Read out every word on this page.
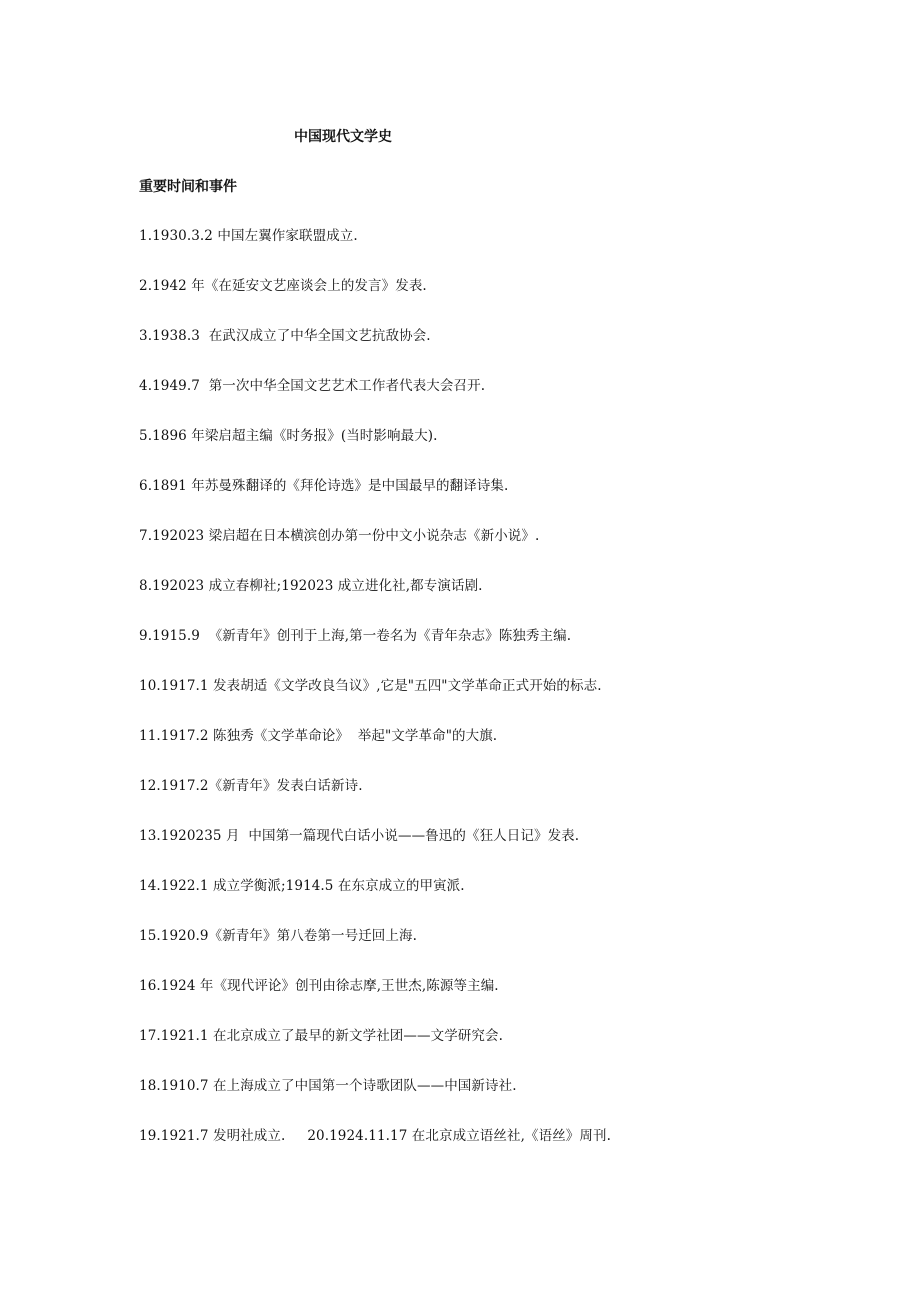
中国现代文学史
重要时间和事件
1.1930.3.2 中国左翼作家联盟成立.
2.1942 年《在延安文艺座谈会上的发言》发表.
3.1938.3  在武汉成立了中华全国文艺抗敌协会.
4.1949.7  第一次中华全国文艺艺术工作者代表大会召开.
5.1896 年梁启超主编《时务报》(当时影响最大).
6.1891 年苏曼殊翻译的《拜伦诗选》是中国最早的翻译诗集.
7.192023 梁启超在日本横滨创办第一份中文小说杂志《新小说》.
8.192023 成立春柳社;192023 成立进化社,都专演话剧.
9.1915.9  《新青年》创刊于上海,第一卷名为《青年杂志》陈独秀主编.
10.1917.1 发表胡适《文学改良刍议》,它是"五四"文学革命正式开始的标志.
11.1917.2 陈独秀《文学革命论》  举起"文学革命"的大旗.
12.1917.2《新青年》发表白话新诗.
13.1920235 月  中国第一篇现代白话小说——鲁迅的《狂人日记》发表.
14.1922.1 成立学衡派;1914.5 在东京成立的甲寅派.
15.1920.9《新青年》第八卷第一号迁回上海.
16.1924 年《现代评论》创刊由徐志摩,王世杰,陈源等主编.
17.1921.1 在北京成立了最早的新文学社团——文学研究会.
18.1910.7 在上海成立了中国第一个诗歌团队——中国新诗社.
19.1921.7 发明社成立.     20.1924.11.17 在北京成立语丝社,《语丝》周刊.
